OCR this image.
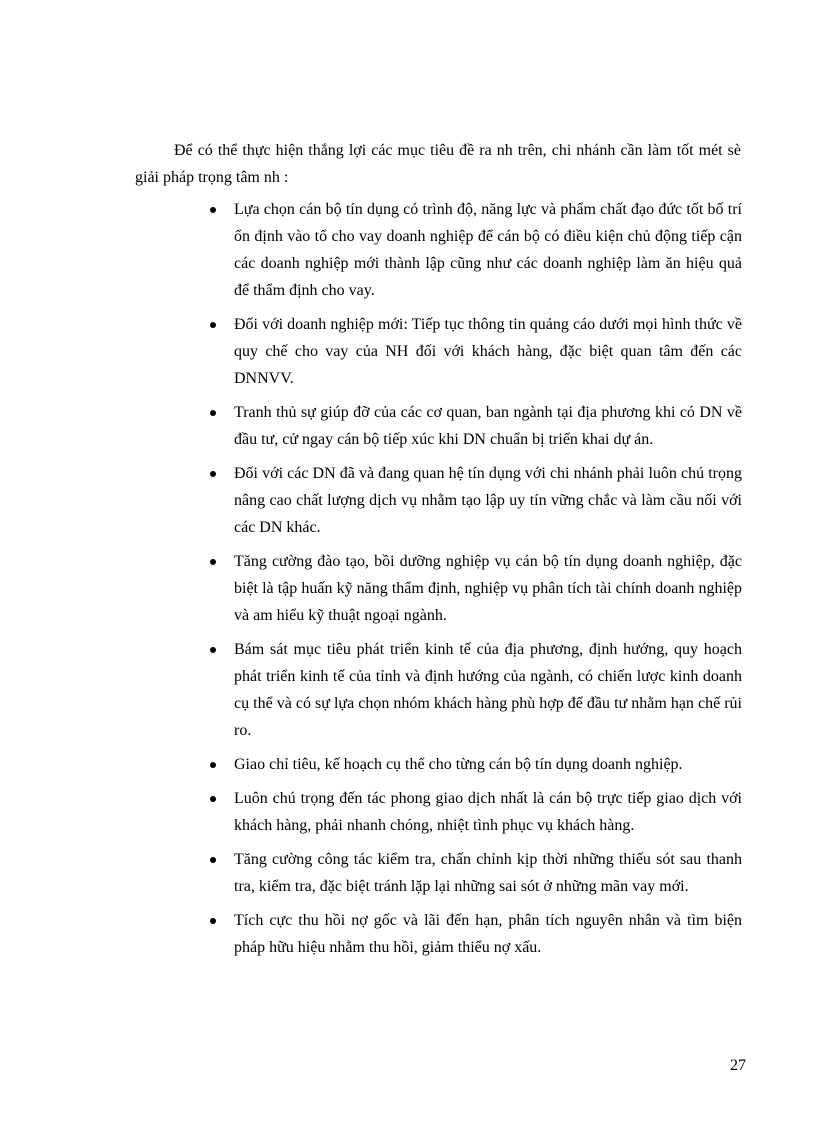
Để có thể thực hiện thắng lợi các mục tiêu đề ra nh trên, chi nhánh cần làm tốt mét sè giải pháp trọng tâm nh :

Lựa chọn cán bộ tín dụng có trình độ, năng lực và phẩm chất đạo đức tốt bố trí ổn định vào tổ cho vay doanh nghiệp để cán bộ có điều kiện chủ động tiếp cận các doanh nghiệp mới thành lập cũng như các doanh nghiệp làm ăn hiệu quả để thẩm định cho vay.
Đối với doanh nghiệp mới: Tiếp tục thông tin quảng cáo dưới mọi hình thức về quy chế cho vay của NH đối với khách hàng, đặc biệt quan tâm đến các DNNVV.
Tranh thủ sự giúp đỡ của các cơ quan, ban ngành tại địa phương khi có DN về đầu tư, cử ngay cán bộ tiếp xúc khi DN chuẩn bị triển khai dự án.
Đối với các DN đã và đang quan hệ tín dụng với chi nhánh phải luôn chú trọng nâng cao chất lượng dịch vụ nhằm tạo lập uy tín vững chắc và làm cầu nối với các DN khác.
Tăng cường đào tạo, bồi dưỡng nghiệp vụ cán bộ tín dụng doanh nghiệp, đặc biệt là tập huấn kỹ năng thẩm định, nghiệp vụ phân tích tài chính doanh nghiệp và am hiểu kỹ thuật ngoại ngành.
Bám sát mục tiêu phát triển kinh tế của địa phương, định hướng, quy hoạch phát triển kinh tế của tỉnh và định hướng của ngành, có chiến lược kinh doanh cụ thể và có sự lựa chọn nhóm khách hàng phù hợp để đầu tư nhằm hạn chế rủi ro.
Giao chỉ tiêu, kế hoạch cụ thể cho từng cán bộ tín dụng doanh nghiệp.
Luôn chú trọng đến tác phong giao dịch nhất là cán bộ trực tiếp giao dịch với khách hàng, phải nhanh chóng, nhiệt tình phục vụ khách hàng.
Tăng cường công tác kiểm tra, chấn chỉnh kịp thời những thiếu sót sau thanh tra, kiểm tra, đặc biệt tránh lặp lại những sai sót ở những mãn vay mới.
Tích cực thu hồi nợ gốc và lãi đến hạn, phân tích nguyên nhân và tìm biện pháp hữu hiệu nhằm thu hồi, giảm thiểu nợ xấu.
27
